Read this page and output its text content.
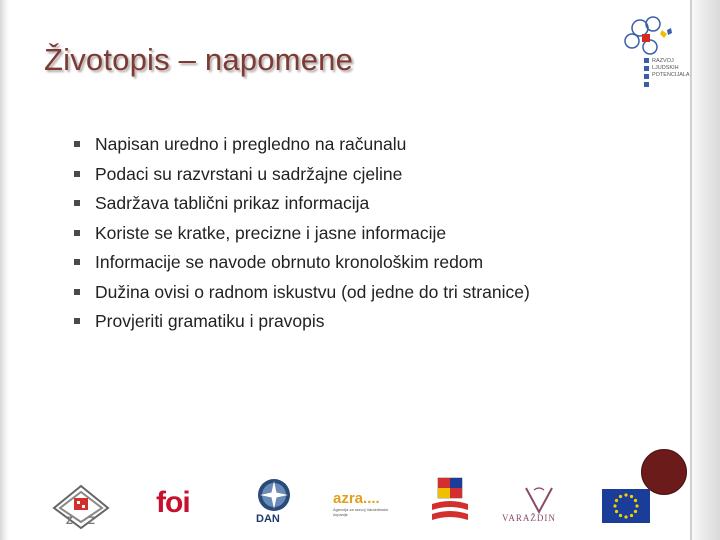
Životopis – napomene
Napisan uredno i pregledno na računalu
Podaci su razvrstani u sadržajne cjeline
Sadržava tablični prikaz informacija
Koriste se kratke, precizne i jasne informacije
Informacije se navode obrnuto kronološkim redom
Dužina ovisi o radnom iskustvu (od jedne do tri stranice)
Provjeriti gramatiku i pravopis
RAZVOJ
LJUDSKIH
POTENCIJALA
Z Z
foi	DAN
azra....
Agencija za razvoj Varaždinske županije	VARAŽDIN
